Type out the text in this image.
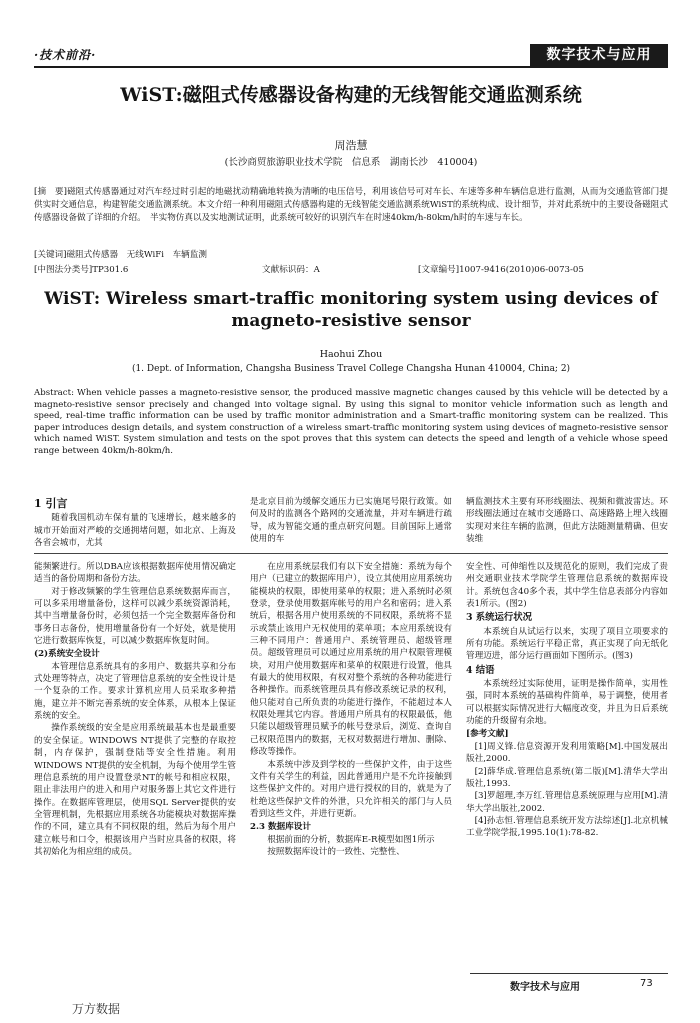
·技术前沿·	数字技术与应用
WiST:磁阻式传感器设备构建的无线智能交通监测系统
周浩慧
(长沙商贸旅游职业技术学院　信息系　湖南长沙　410004)
[摘　要]磁阻式传感器通过对汽车经过时引起的地磁扰动精确地转换为清晰的电压信号，利用该信号可对车长、车速等多种车辆信息进行监测，从而为交通监管部门提供实时交通信息，构建智能交通监测系统。本文介绍一种利用磁阻式传感器构建的无线智能交通监测系统WiST的系统构成、设计细节，并对此系统中的主要设备磁阻式传感器设备做了详细的介绍。　半实物仿真以及实地测试证明，此系统可较好的识别汽车在时速40km/h-80km/h时的车速与车长。
[关键词]磁阻式传感器　无线WiFi　车辆监测
[中图法分类号]TP301.6	文献标识码：A	[文章编号]1007-9416(2010)06-0073-05
WiST: Wireless smart-traffic monitoring system using devices of magneto-resistive sensor
Haohui Zhou
(1. Dept. of Information, Changsha Business Travel College Changsha Hunan 410004, China; 2)
Abstract: When vehicle passes a magneto-resistive sensor, the produced massive magnetic changes caused by this vehicle will be detected by a magneto-resistive sensor precisely and changed into voltage signal. By using this signal to monitor vehicle information such as length and speed, real-time traffic information can be used by traffic monitor administration and a Smart-traffic monitoring system can be realized. This paper introduces design details, and system construction of a wireless smart-traffic monitoring system using devices of magneto-resistive sensor which named WiST. System simulation and tests on the spot proves that this system can detects the speed and length of a vehicle whose speed range between 40km/h-80km/h.
1 引言

随着我国机动车保有量的飞速增长，越来越多的城市开始面对严峻的交通拥堵问题，如北京、上海及各省会城市，尤其

是北京目前为缓解交通压力已实施尾号限行政策。如何及时的监测各个路网的交通流量，并对车辆进行疏导，成为智能交通的重点研究问题。目前国际上通常使用的车

辆监测技术主要有环形线圈法、视频和微波雷达。环形线圈法通过在城市交通路口、高速路路上埋入线圈实现对来往车辆的监测，但此方法随测量精确、但安装维

能频繁进行。所以DBA应该根据数据库使用情况确定适当的备份周期和备份方法。

对于修改频繁的学生管理信息系统数据库而言，可以多采用增量备份，这样可以减少系统资源消耗，其中当增量备份时，必须包括一个完全数据库备份和事务日志备份，使用增量备份有一个好处，就是使用它进行数据库恢复，可以减少数据库恢复时间。

(2)系统安全设计

本管理信息系统具有的多用户、数据共享和分布式处理等特点，决定了管理信息系统的安全性设计是一个复杂的工作。要求计算机应用人员采取多种措施，建立并不断完善系统的安全体系，从根本上保证系统的安全。

操作系统级的安全是应用系统最基本也是最重要的安全保证。WINDOWS NT提供了完整的存取控制，内存保护，强制登陆等安全性措施。利用WINDOWS NT提供的安全机制，为每个使用学生管理信息系统的用户设置登录NT的帐号和相应权限，阻止非法用户的进入和用户对服务器上其它文件进行操作。在数据库管理层，使用SQL Server提供的安全管理机制，先根据应用系统各功能模块对数据库操作的不同，建立具有不同权限的组，然后为每个用户建立帐号和口令，根据该用户当时应具备的权限，将其初始化为相应组的成员。

在应用系统层我们有以下安全措施：系统为每个用户（已建立的数据库用户），设立其使用应用系统功能模块的权限，即使用菜单的权限；进入系统时必须登录，登录使用数据库帐号的用户名和密码；进入系统后，根据各用户使用系统的不同权限，系统将不显示或禁止该用户无权使用的菜单项；本应用系统设有三种不同用户：普通用户、系统管理员、超级管理员。超级管理员可以通过应用系统的用户权限管理模块，对用户使用数据库和菜单的权限进行设置，他具有最大的使用权限，有权对整个系统的各种功能进行各种操作。而系统管理员具有修改系统记录的权利，他只能对自己所负责的功能进行操作，不能超过本人权限处理其它内容。普通用户所具有的权限最低，他只能以超级管理员赋予的帐号登录后，浏览、查询自己权限范围内的数据，无权对数据进行增加、删除、修改等操作。

本系统中涉及到学校的一些保护文件，由于这些文件有关学生的利益，因此普通用户是不允许接触到这些保护文件的。对用户进行授权的目的，就是为了杜绝这些保护文件的外泄，只允许相关的部门与人员看到这些文件，并进行更新。

2.3 数据库设计

根据前面的分析，数据库E-R模型如图1所示

按照数据库设计的一致性、完整性、

安全性、可伸缩性以及规范化的原则，我们完成了贵州交通职业技术学院学生管理信息系统的数据库设计。系统包含40多个表，其中学生信息表部分内容如表1所示。(图2)

3 系统运行状况

本系统自从试运行以来，实现了项目立项要求的所有功能。系统运行平稳正常，真正实现了向无纸化管理迈进，部分运行画面如下图所示。(图3)

4 结语

本系统经过实际使用，证明是操作简单，实用性强，同时本系统的基础构件简单，易于调整，使用者可以根据实际情况进行大幅度改变，并且为日后系统功能的升级留有余地。

[参考文献]

[1]周义锋.信息资源开发利用策略[M].中国发展出版社,2000.

[2]薛华成.管理信息系统(第二版)[M].清华大学出版社,1993.

[3]罗超理,李万红.管理信息系统原理与应用[M].清华大学出版社,2002.

[4]孙志恒.管理信息系统开发方法综述[J].北京机械工业学院学报,1995.10(1):78-82.

数字技术与应用	73
万方数据
